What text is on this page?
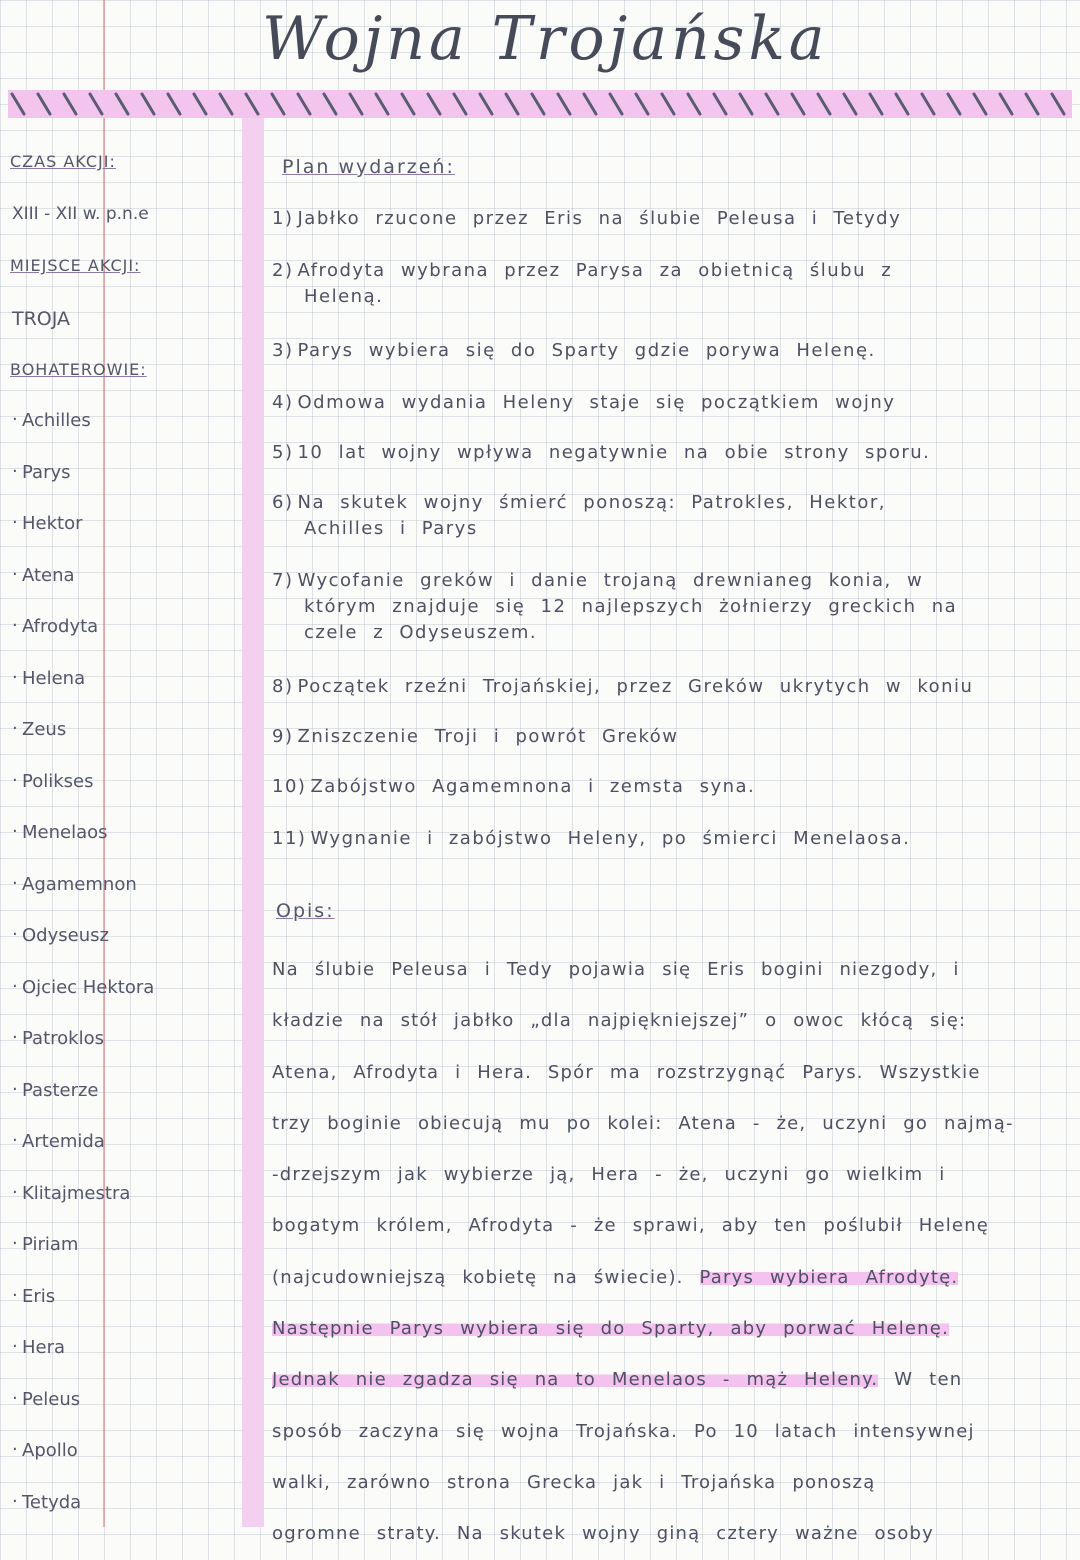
Wojna Trojańska
CZAS AKCJI:
XIII - XII w. p.n.e
MIEJSCE AKCJI:
TROJA
BOHATEROWIE:
· Achilles
· Parys
· Hektor
· Atena
· Afrodyta
· Helena
· Zeus
· Polikses
· Menelaos
· Agamemnon
· Odyseusz
· Ojciec Hektora
· Patroklos
· Pasterze
· Artemida
· Klitajmestra
· Piriam
· Eris
· Hera
· Peleus
· Apollo
· Tetyda
Plan wydarzeń:
1) Jabłko rzucone przez Eris na ślubie Peleusa i Tetydy
2) Afrodyta wybrana przez Parysa za obietnicą ślubu z
Heleną.
3) Parys wybiera się do Sparty gdzie porywa Helenę.
4) Odmowa wydania Heleny staje się początkiem wojny
5) 10 lat wojny wpływa negatywnie na obie strony sporu.
6) Na skutek wojny śmierć ponoszą: Patrokles, Hektor,
Achilles i Parys
7) Wycofanie greków i danie trojaną drewnianeg konia, w
którym znajduje się 12 najlepszych żołnierzy greckich na
czele z Odyseuszem.
8) Początek rzeźni Trojańskiej, przez Greków ukrytych w koniu
9) Zniszczenie Troji i powrót Greków
10) Zabójstwo Agamemnona i zemsta syna.
11) Wygnanie i zabójstwo Heleny, po śmierci Menelaosa.
Opis:
Na ślubie Peleusa i Tedy pojawia się Eris bogini niezgody, i
kładzie na stół jabłko „dla najpiękniejszej” o owoc kłócą się:
Atena, Afrodyta i Hera. Spór ma rozstrzygnąć Parys. Wszystkie
trzy boginie obiecują mu po kolei: Atena - że, uczyni go najmą-
-drzejszym jak wybierze ją, Hera - że, uczyni go wielkim i
bogatym królem, Afrodyta - że sprawi, aby ten poślubił Helenę
(najcudowniejszą kobietę na świecie). Parys wybiera Afrodytę.
Następnie Parys wybiera się do Sparty, aby porwać Helenę.
Jednak nie zgadza się na to Menelaos - mąż Heleny. W ten
sposób zaczyna się wojna Trojańska. Po 10 latach intensywnej
walki, zarówno strona Grecka jak i Trojańska ponoszą
ogromne straty. Na skutek wojny giną cztery ważne osoby
